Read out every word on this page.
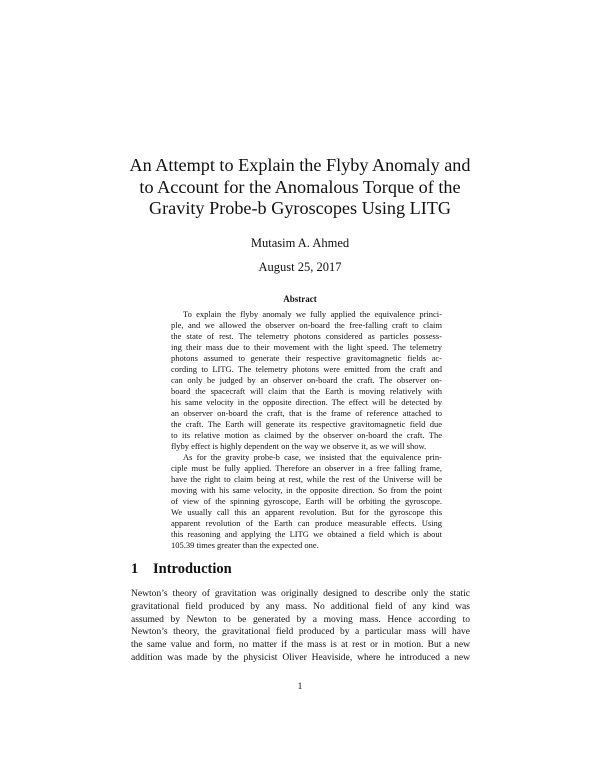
An Attempt to Explain the Flyby Anomaly and
to Account for the Anomalous Torque of the
Gravity Probe-b Gyroscopes Using LITG
Mutasim A. Ahmed
August 25, 2017
Abstract
To explain the flyby anomaly we fully applied the equivalence princi-
ple, and we allowed the observer on-board the free-falling craft to claim
the state of rest. The telemetry photons considered as particles possess-
ing their mass due to their movement with the light speed. The telemetry
photons assumed to generate their respective gravitomagnetic fields ac-
cording to LITG. The telemetry photons were emitted from the craft and
can only be judged by an observer on-board the craft. The observer on-
board the spacecraft will claim that the Earth is moving relatively with
his same velocity in the opposite direction. The effect will be detected by
an observer on-board the craft, that is the frame of reference attached to
the craft. The Earth will generate its respective gravitomagnetic field due
to its relative motion as claimed by the observer on-board the craft. The
flyby effect is highly dependent on the way we observe it, as we will show.
As for the gravity probe-b case, we insisted that the equivalence prin-
ciple must be fully applied. Therefore an observer in a free falling frame,
have the right to claim being at rest, while the rest of the Universe will be
moving with his same velocity, in the opposite direction. So from the point
of view of the spinning gyroscope, Earth will be orbiting the gyroscope.
We usually call this an apparent revolution. But for the gyroscope this
apparent revolution of the Earth can produce measurable effects. Using
this reasoning and applying the LITG we obtained a field which is about
105.39 times greater than the expected one.
1 Introduction
Newton’s theory of gravitation was originally designed to describe only the static
gravitational field produced by any mass. No additional field of any kind was
assumed by Newton to be generated by a moving mass. Hence according to
Newton’s theory, the gravitational field produced by a particular mass will have
the same value and form, no matter if the mass is at rest or in motion. But a new
addition was made by the physicist Oliver Heaviside, where he introduced a new
1
